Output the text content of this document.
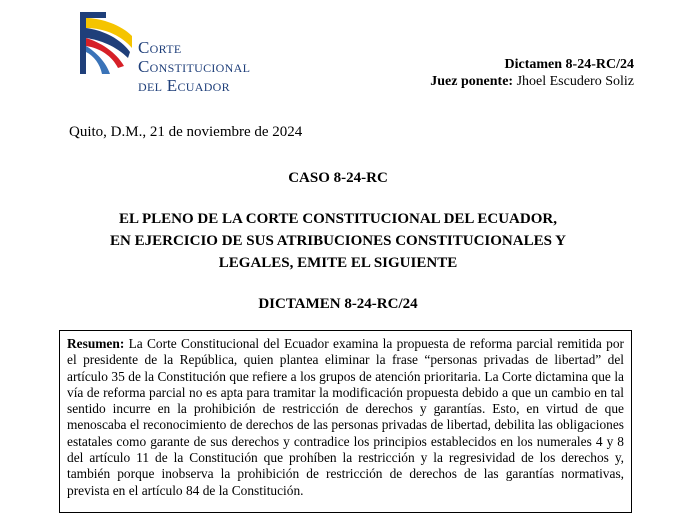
Corte
Constitucional
del Ecuador
Dictamen 8-24-RC/24
Juez ponente: Jhoel Escudero Soliz
Quito, D.M., 21 de noviembre de 2024
CASO 8-24-RC
EL PLENO DE LA CORTE CONSTITUCIONAL DEL ECUADOR,
EN EJERCICIO DE SUS ATRIBUCIONES CONSTITUCIONALES Y
LEGALES, EMITE EL SIGUIENTE
DICTAMEN 8-24-RC/24
Resumen: La Corte Constitucional del Ecuador examina la propuesta de reforma parcial remitida por el presidente de la República, quien plantea eliminar la frase “personas privadas de libertad” del artículo 35 de la Constitución que refiere a los grupos de atención prioritaria. La Corte dictamina que la vía de reforma parcial no es apta para tramitar la modificación propuesta debido a que un cambio en tal sentido incurre en la prohibición de restricción de derechos y garantías. Esto, en virtud de que menoscaba el reconocimiento de derechos de las personas privadas de libertad, debilita las obligaciones estatales como garante de sus derechos y contradice los principios establecidos en los numerales 4 y 8 del artículo 11 de la Constitución que prohíben la restricción y la regresividad de los derechos y, también porque inobserva la prohibición de restricción de derechos de las garantías normativas, prevista en el artículo 84 de la Constitución.
